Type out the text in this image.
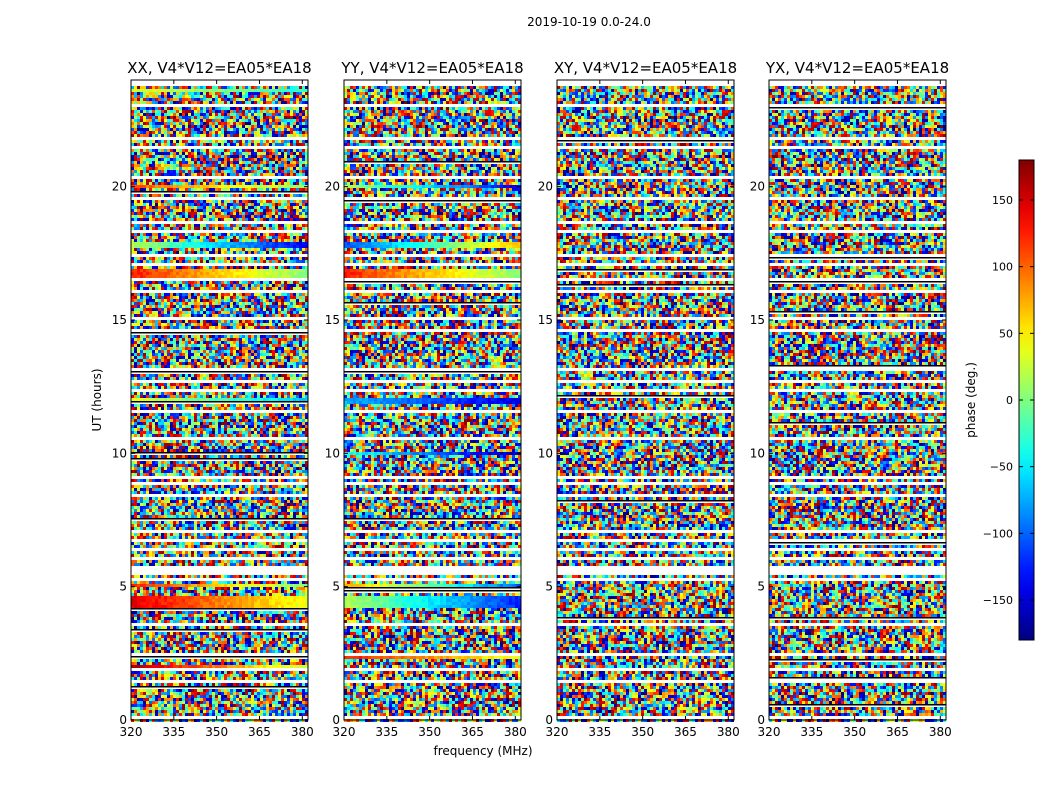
2019-10-19 0.0-24.0
UT (hours)
frequency (MHz)
phase (deg.)
XX, V4*V12=EA05*EA18
320 335 350 365 380
0
5
10
15
20
YY, V4*V12=EA05*EA18
320 335 350 365 380
0
5
10
15
20
XY, V4*V12=EA05*EA18
320 335 350 365 380
0
5
10
15
20
YX, V4*V12=EA05*EA18
320 335 350 365 380
0
5
10
15
20
150
100
50
0
−50
−100
−150
